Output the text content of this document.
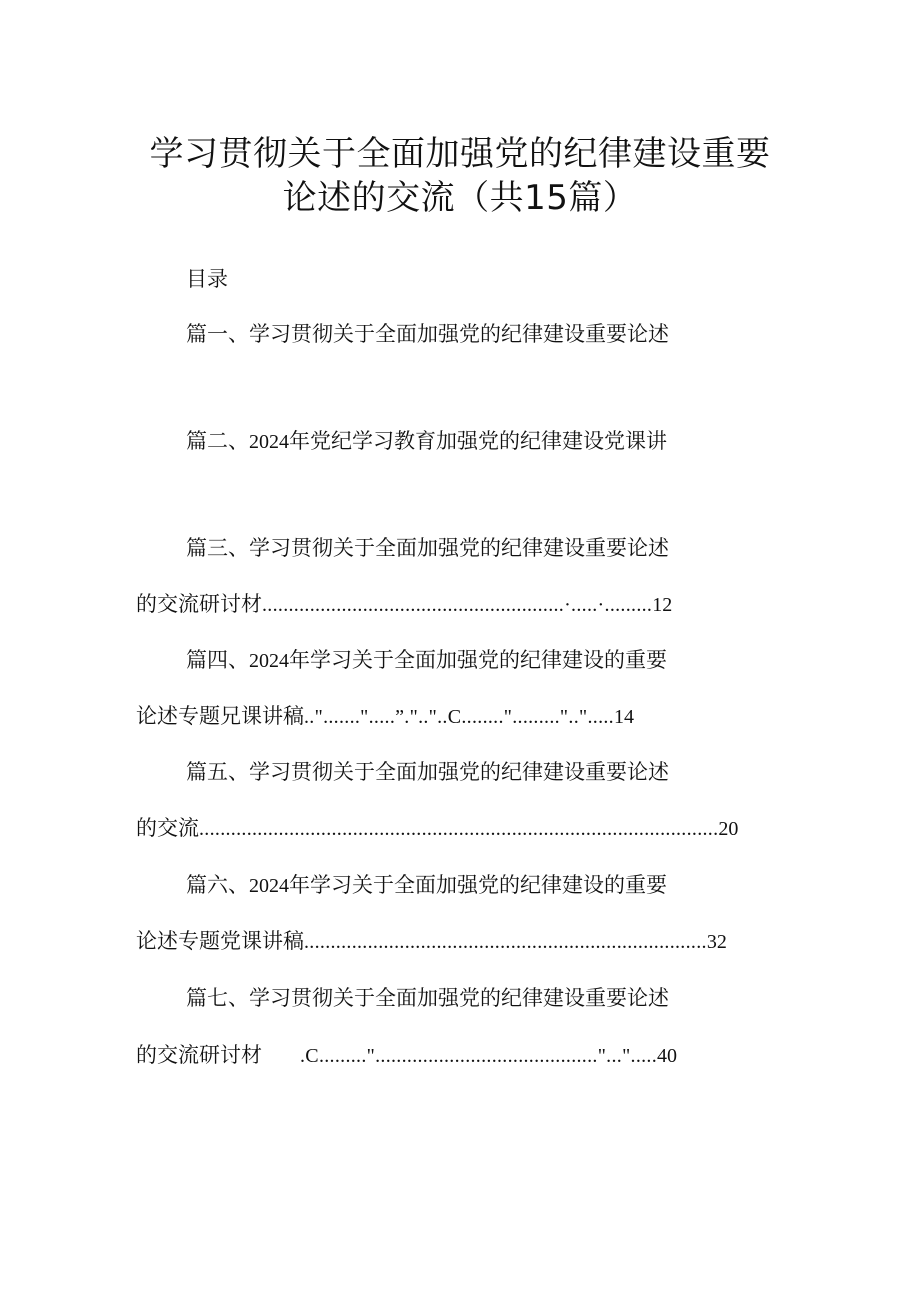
学习贯彻关于全面加强党的纪律建设重要
论述的交流（共15篇）
目录
篇一、学习贯彻关于全面加强党的纪律建设重要论述
篇二、2024年党纪学习教育加强党的纪律建设党课讲
篇三、学习贯彻关于全面加强党的纪律建设重要论述
的交流研讨材.........................................................·.....·.........12
篇四、2024年学习关于全面加强党的纪律建设的重要
论述专题兄课讲稿..".......".....”.".."..C........"........."..".....14
篇五、学习贯彻关于全面加强党的纪律建设重要论述
的交流..................................................................................................20
篇六、2024年学习关于全面加强党的纪律建设的重要
论述专题党课讲稿............................................................................32
篇七、学习贯彻关于全面加强党的纪律建设重要论述
的交流研讨材 .C.........".........................................."...".....40
